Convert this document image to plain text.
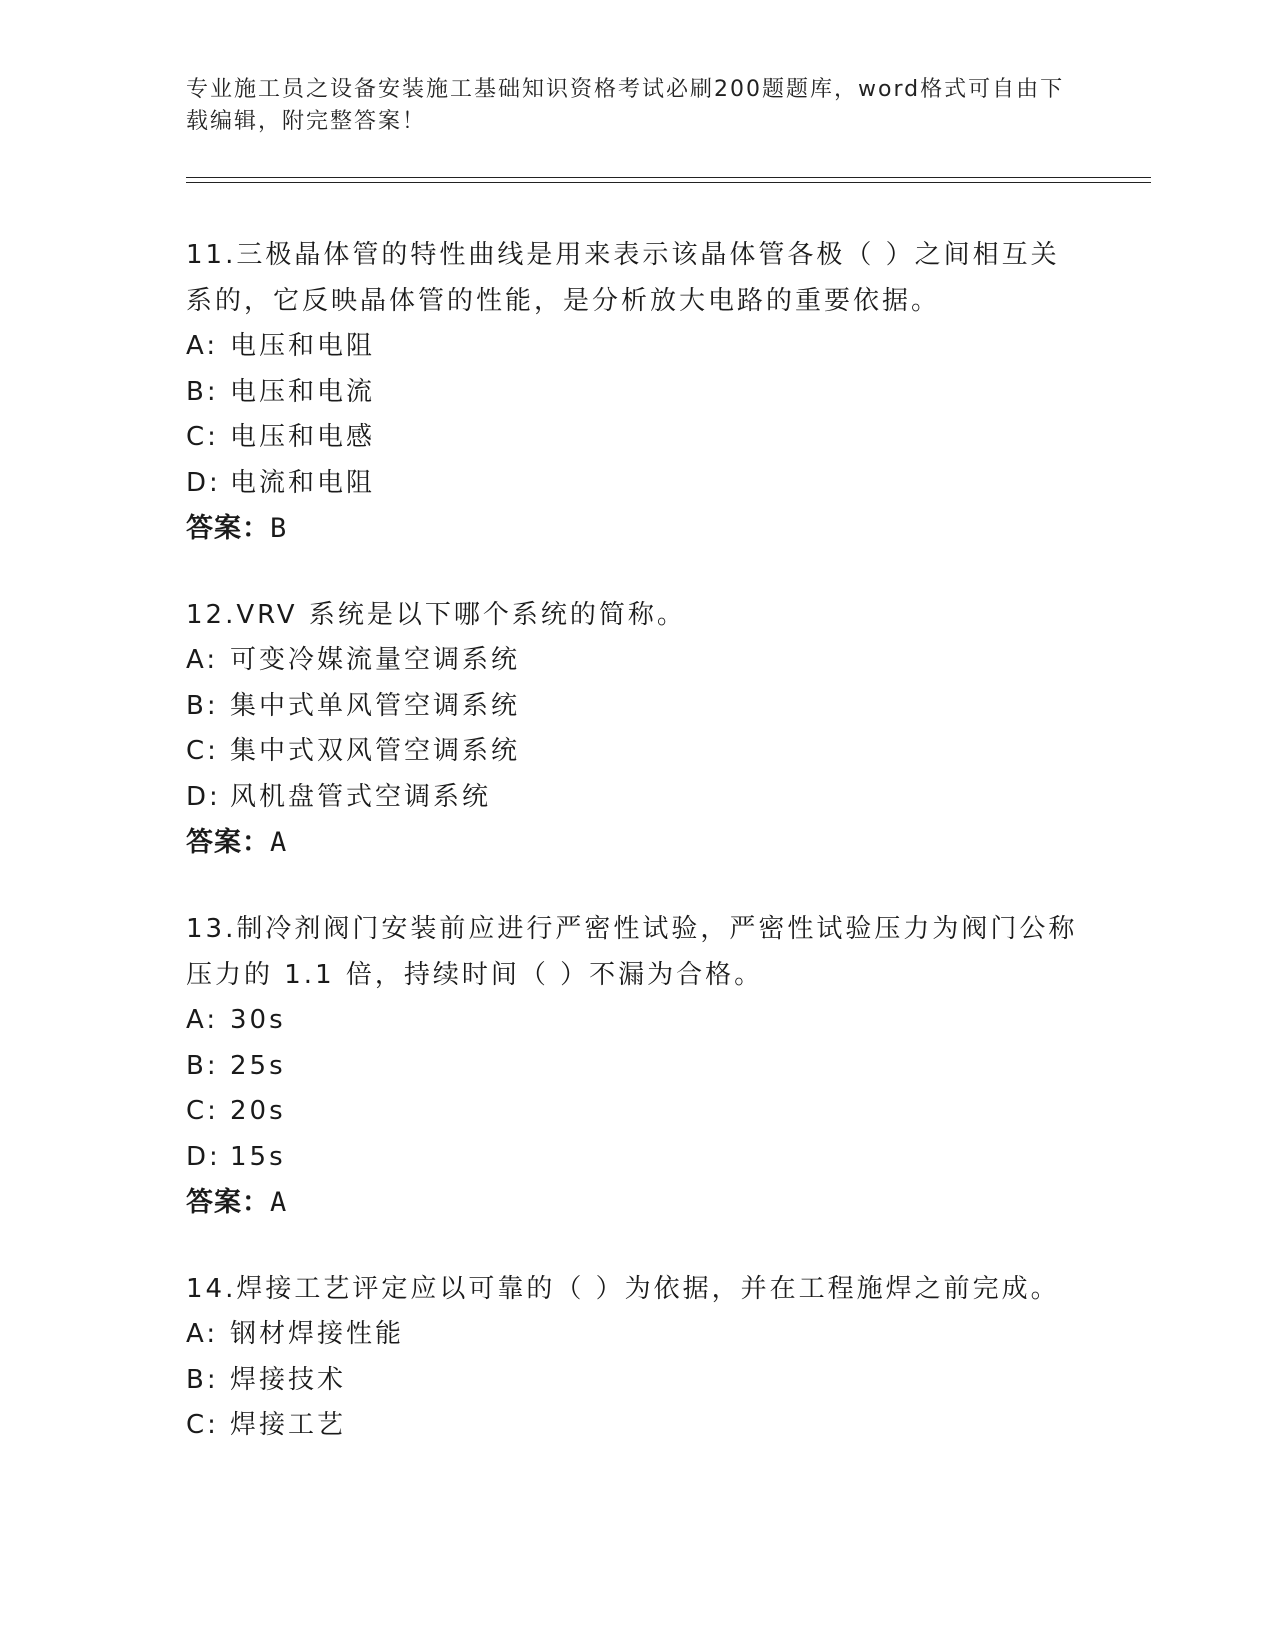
专业施工员之设备安装施工基础知识资格考试必刷200题题库，word格式可自由下载编辑，附完整答案！

11.三极晶体管的特性曲线是用来表示该晶体管各极（ ）之间相互关系的，它反映晶体管的性能，是分析放大电路的重要依据。

A: 电压和电阻

B: 电压和电流

C: 电压和电感

D: 电流和电阻

答案：B

12.VRV 系统是以下哪个系统的简称。

A: 可变冷媒流量空调系统

B: 集中式单风管空调系统

C: 集中式双风管空调系统

D: 风机盘管式空调系统

答案：A

13.制冷剂阀门安装前应进行严密性试验，严密性试验压力为阀门公称压力的 1.1 倍，持续时间（ ）不漏为合格。

A: 30s

B: 25s

C: 20s

D: 15s

答案：A

14.焊接工艺评定应以可靠的（ ）为依据，并在工程施焊之前完成。

A: 钢材焊接性能

B: 焊接技术

C: 焊接工艺
